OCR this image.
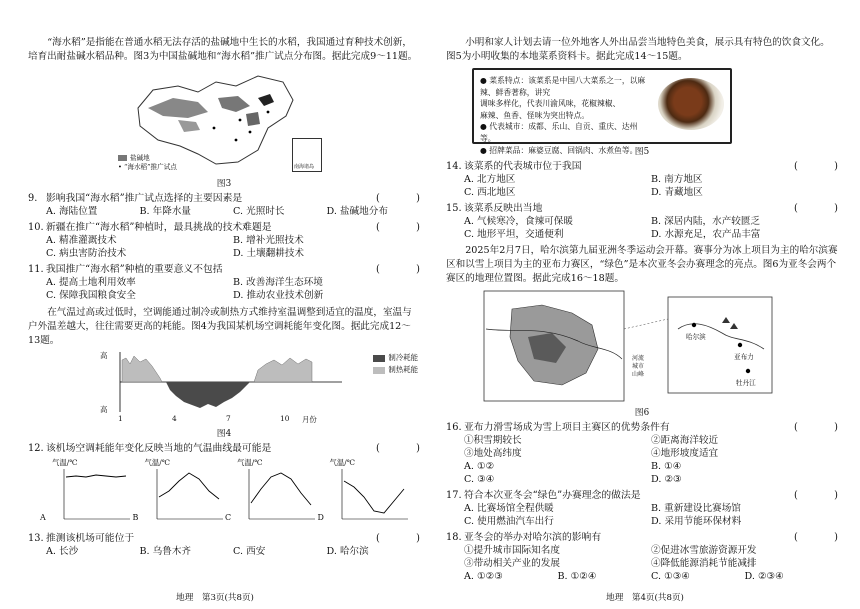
“海水稻”是指能在普通水稻无法存活的盐碱地中生长的水稻，我国通过育种技术创新，培育出耐盐碱水稻品种。图3为中国盐碱地和“海水稻”推广试点分布图。据此完成9～11题。

盐碱地
• “海水稻”推广试点	南海诸岛
图3
9. 影响我国“海水稻”推广试点选择的主要因素是	(	)
A. 海陆位置	B. 年降水量	C. 光照时长	D. 盐碱地分布
10. 新疆在推广“海水稻”种植时，最具挑战的技术难题是	(	)
A. 精准灌溉技术	B. 增补光照技术
C. 病虫害防治技术	D. 土壤翻耕技术
11. 我国推广“海水稻”种植的重要意义不包括	(	)
A. 提高土地利用效率	B. 改善海洋生态环境
C. 保障我国粮食安全	D. 推动农业技术创新

在气温过高或过低时，空调能通过制冷或制热方式维持室温调整到适宜的温度，室温与户外温差越大，往往需要更高的耗能。图4为我国某机场空调耗能年变化图。据此完成12～13题。

高
高
1	4	7	10 月份
制冷耗能
制热耗能
图4
12. 该机场空调耗能年变化反映当地的气温曲线最可能是	(	)
气温/℃
A
气温/℃
B
气温/℃
C
气温/℃
D
13. 推测该机场可能位于	(	)
A. 长沙	B. 乌鲁木齐	C. 西安	D. 哈尔滨
地理　第3页(共8页)

小明和家人计划去请一位外地客人外出品尝当地特色美食，展示具有特色的饮食文化。图5为小明收集的本地菜系资料卡。据此完成14～15题。

● 菜系特点：该菜系是中国八大菜系之一，以麻辣、鲜香著称，讲究
调味多样化，代表川渝风味，花椒辣椒、
麻辣、鱼香、怪味为突出特点。
● 代表城市：成都、乐山、自贡、重庆、达州等。
● 招牌菜品：麻婆豆腐、回锅肉、水煮鱼等。
图5
14. 该菜系的代表城市位于我国	(	)
A. 北方地区	B. 南方地区
C. 西北地区	D. 青藏地区
15. 该菜系反映出当地	(	)
A. 气候寒冷，食辣可保暖	B. 深居内陆，水产较匮乏
C. 地形平坦，交通便利	D. 水源充足，农产品丰富

2025年2月7日，哈尔滨第九届亚洲冬季运动会开幕。赛事分为冰上项目为主的哈尔滨赛区和以雪上项目为主的亚布力赛区，“绿色”是本次亚冬会办赛理念的亮点。图6为亚冬会两个赛区的地理位置图。据此完成16～18题。

哈尔滨
亚布力
牡丹江
河流
城市
山峰
图6
16. 亚布力滑雪场成为雪上项目主赛区的优势条件有	(	)
①积雪期较长	②距离海洋较近
③地处高纬度	④地形坡度适宜
A. ①②	B. ①④
C. ③④	D. ②③
17. 符合本次亚冬会“绿色”办赛理念的做法是	(	)
A. 比赛场馆全程供暖	B. 重新建设比赛场馆
C. 使用燃油汽车出行	D. 采用节能环保材料
18. 亚冬会的举办对哈尔滨的影响有	(	)
①提升城市国际知名度	②促进冰雪旅游资源开发
③带动相关产业的发展	④降低能源消耗节能减排
A. ①②③	B. ①②④	C. ①③④	D. ②③④
地理　第4页(共8页)
